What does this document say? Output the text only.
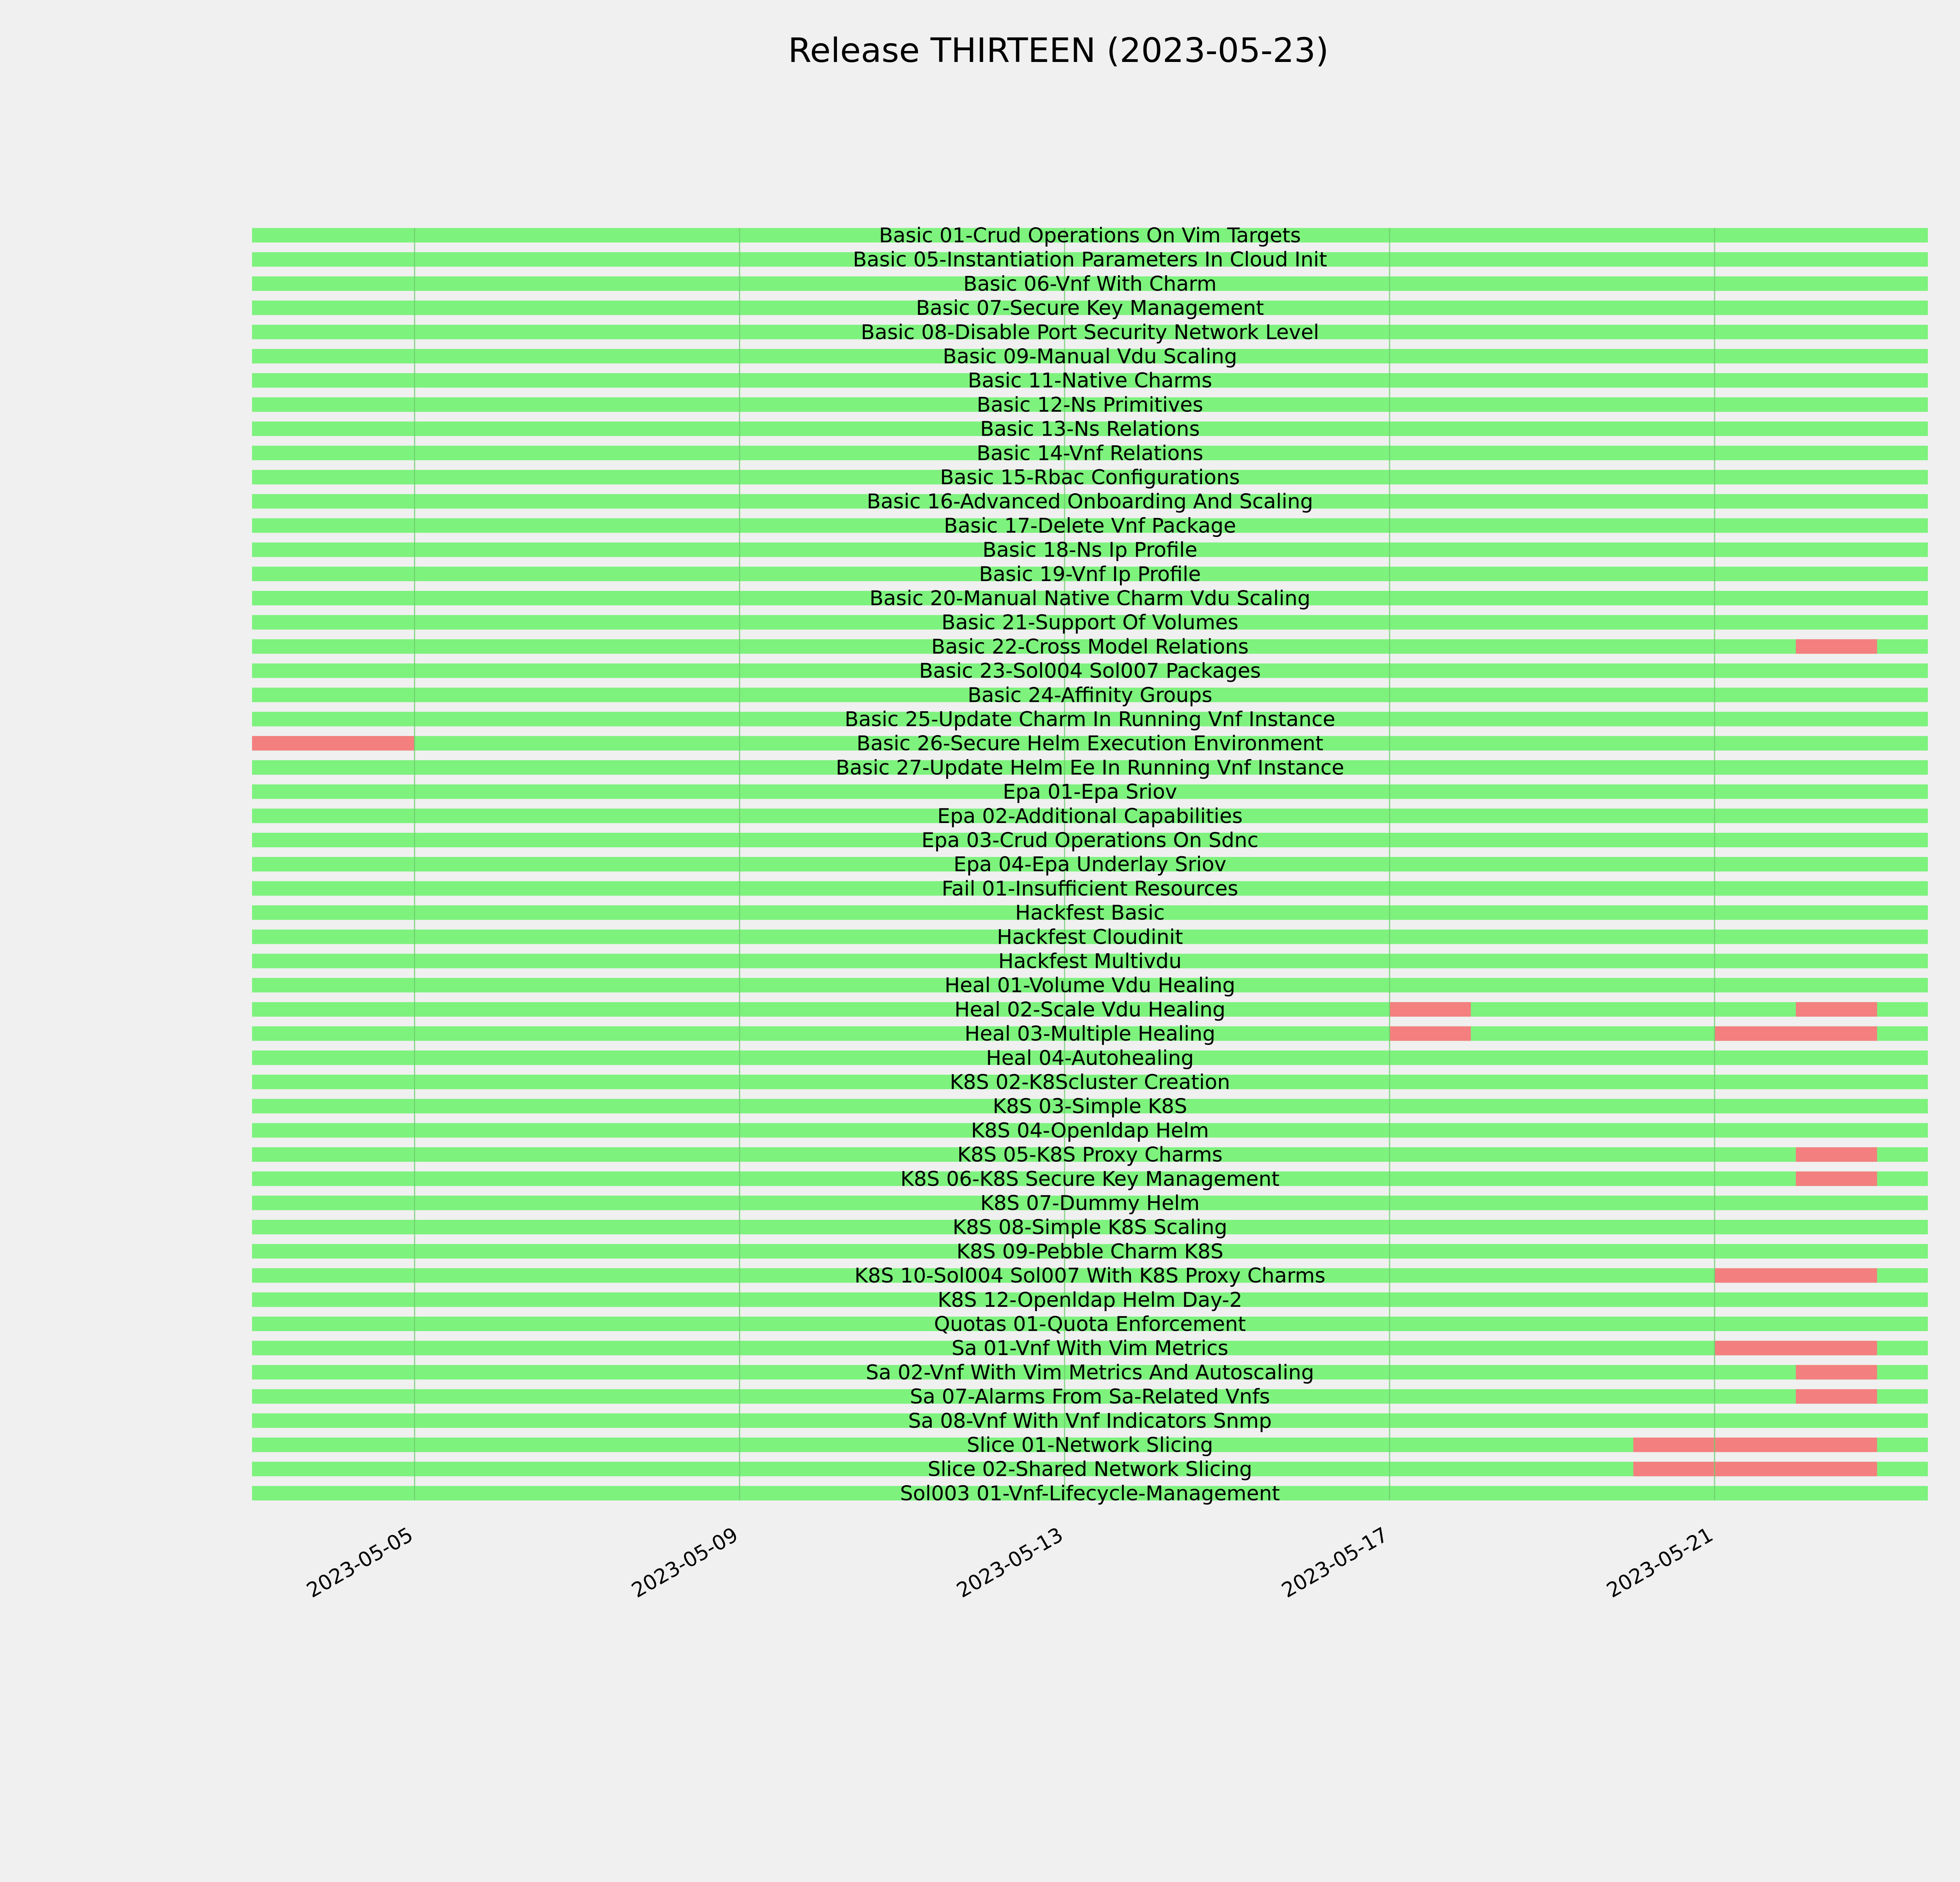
Release THIRTEEN (2023-05-23)
Basic 01-Crud Operations On Vim Targets
Basic 05-Instantiation Parameters In Cloud Init
Basic 06-Vnf With Charm
Basic 07-Secure Key Management
Basic 08-Disable Port Security Network Level
Basic 09-Manual Vdu Scaling
Basic 11-Native Charms
Basic 12-Ns Primitives
Basic 13-Ns Relations
Basic 14-Vnf Relations
Basic 15-Rbac Configurations
Basic 16-Advanced Onboarding And Scaling
Basic 17-Delete Vnf Package
Basic 18-Ns Ip Profile
Basic 19-Vnf Ip Profile
Basic 20-Manual Native Charm Vdu Scaling
Basic 21-Support Of Volumes
Basic 22-Cross Model Relations
Basic 23-Sol004 Sol007 Packages
Basic 24-Affinity Groups
Basic 25-Update Charm In Running Vnf Instance
Basic 26-Secure Helm Execution Environment
Basic 27-Update Helm Ee In Running Vnf Instance
Epa 01-Epa Sriov
Epa 02-Additional Capabilities
Epa 03-Crud Operations On Sdnc
Epa 04-Epa Underlay Sriov
Fail 01-Insufficient Resources
Hackfest Basic
Hackfest Cloudinit
Hackfest Multivdu
Heal 01-Volume Vdu Healing
Heal 02-Scale Vdu Healing
Heal 03-Multiple Healing
Heal 04-Autohealing
K8S 02-K8Scluster Creation
K8S 03-Simple K8S
K8S 04-Openldap Helm
K8S 05-K8S Proxy Charms
K8S 06-K8S Secure Key Management
K8S 07-Dummy Helm
K8S 08-Simple K8S Scaling
K8S 09-Pebble Charm K8S
K8S 10-Sol004 Sol007 With K8S Proxy Charms
K8S 12-Openldap Helm Day-2
Quotas 01-Quota Enforcement
Sa 01-Vnf With Vim Metrics
Sa 02-Vnf With Vim Metrics And Autoscaling
Sa 07-Alarms From Sa-Related Vnfs
Sa 08-Vnf With Vnf Indicators Snmp
Slice 01-Network Slicing
Slice 02-Shared Network Slicing
Sol003 01-Vnf-Lifecycle-Management
2023-05-05	2023-05-09	2023-05-13	2023-05-17	2023-05-21
